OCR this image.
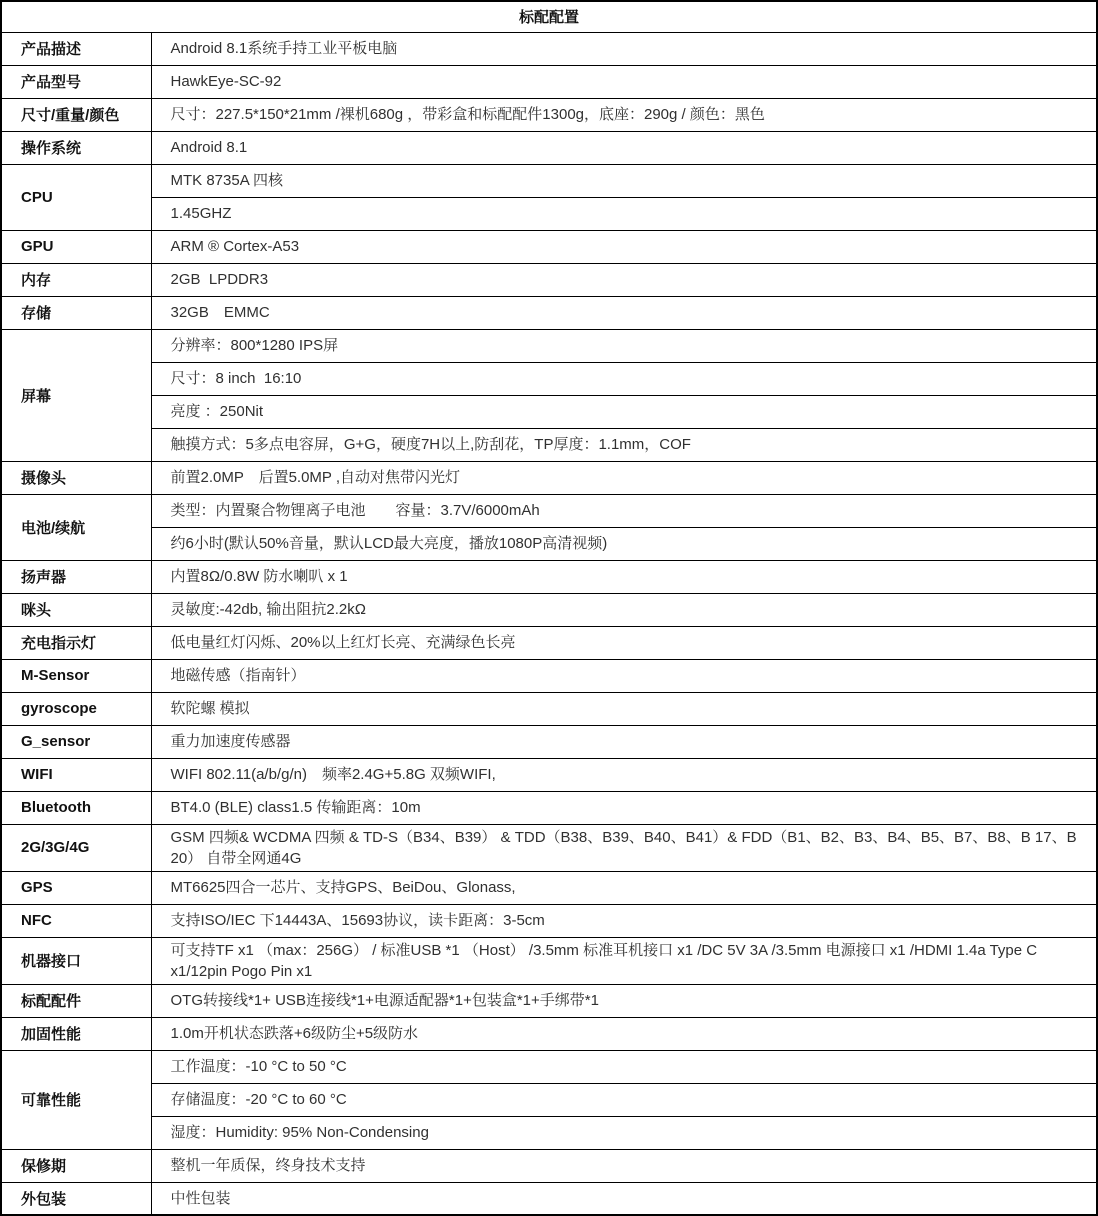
标配配置	
产品描述	Android 8.1系统手持工业平板电脑
产品型号	HawkEye-SC-92
尺寸/重量/颜色	尺寸：227.5*150*21mm /裸机680g ，带彩盒和标配配件1300g，底座：290g / 颜色：黑色
操作系统	Android 8.1
CPU	MTK 8735A 四核
	1.45GHZ
GPU	ARM ® Cortex-A53
内存	2GB  LPDDR3
存储	32GB　EMMC
屏幕	分辨率：800*1280 IPS屏
	尺寸：8 inch  16:10
	亮度 ：250Nit
	触摸方式：5多点电容屏，G+G，硬度7H以上,防刮花，TP厚度：1.1mm，COF
摄像头	前置2.0MP　后置5.0MP ,自动对焦带闪光灯
电池/续航	类型：内置聚合物锂离子电池　　容量：3.7V/6000mAh
	约6小时(默认50%音量，默认LCD最大亮度，播放1080P高清视频)
扬声器	内置8Ω/0.8W 防水喇叭 x 1
咪头	灵敏度:-42db, 输出阻抗2.2kΩ
充电指示灯	低电量红灯闪烁、20%以上红灯长亮、充满绿色长亮
M-Sensor	地磁传感（指南针）
gyroscope	软陀螺 模拟
G_sensor	重力加速度传感器
WIFI	WIFI 802.11(a/b/g/n)　频率2.4G+5.8G 双频WIFI,
Bluetooth	BT4.0 (BLE) class1.5 传输距离：10m
2G/3G/4G	GSM 四频& WCDMA 四频 & TD-S（B34、B39） & TDD（B38、B39、B40、B41）& FDD（B1、B2、B3、B4、B5、B7、B8、B 17、B 20） 自带全网通4G
GPS	MT6625四合一芯片、支持GPS、BeiDou、Glonass,
NFC	支持ISO/IEC 下14443A、15693协议，读卡距离：3-5cm
机器接口	可支持TF x1 （max：256G） / 标准USB *1 （Host） /3.5mm 标准耳机接口 x1 /DC 5V 3A /3.5mm 电源接口 x1 /HDMI 1.4a Type C x1/12pin Pogo Pin x1
标配配件	OTG转接线*1+ USB连接线*1+电源适配器*1+包装盒*1+手绑带*1
加固性能	1.0m开机状态跌落+6级防尘+5级防水
可靠性能	工作温度：-10 °C to 50 °C
	存储温度：-20 °C to 60 °C
	湿度：Humidity: 95% Non-Condensing
保修期	整机一年质保，终身技术支持
外包装	中性包装
